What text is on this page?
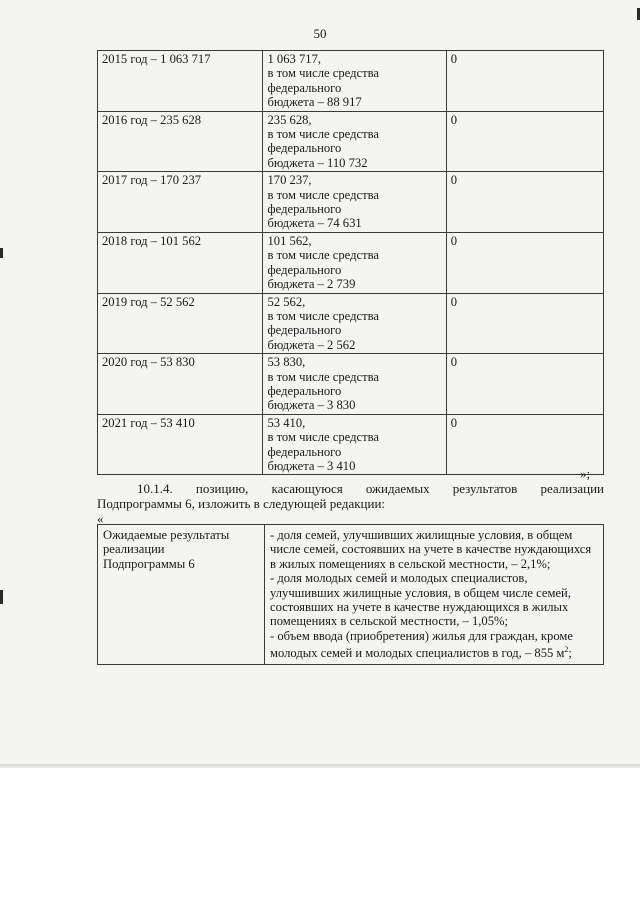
50
2015 год – 1 063 717	1 063 717,
в том числе средства
федерального
бюджета – 88 917	0
2016 год – 235 628	235 628,
в том числе средства
федерального
бюджета – 110 732	0
2017 год – 170 237	170 237,
в том числе средства
федерального
бюджета – 74 631	0
2018 год – 101 562	101 562,
в том числе средства
федерального
бюджета – 2 739	0
2019 год – 52 562	52 562,
в том числе средства
федерального
бюджета – 2 562	0
2020 год – 53 830	53 830,
в том числе средства
федерального
бюджета – 3 830	0
2021 год – 53 410	53 410,
в том числе средства
федерального
бюджета – 3 410	0
»;
10.1.4. позицию, касающуюся ожидаемых результатов реализации
Подпрограммы 6, изложить в следующей редакции:
«
Ожидаемые результаты
реализации
Подпрограммы 6

- доля семей, улучшивших жилищные условия, в общем числе семей, состоявших на учете в качестве нуждающихся в жилых помещениях в сельской местности, – 2,1%;
- доля молодых семей и молодых специалистов, улучшивших жилищные условия, в общем числе семей, состоявших на учете в качестве нуждающихся в жилых помещениях в сельской местности, – 1,05%;
- объем ввода (приобретения) жилья для граждан, кроме молодых семей и молодых специалистов в год, – 855 $м^2$;
